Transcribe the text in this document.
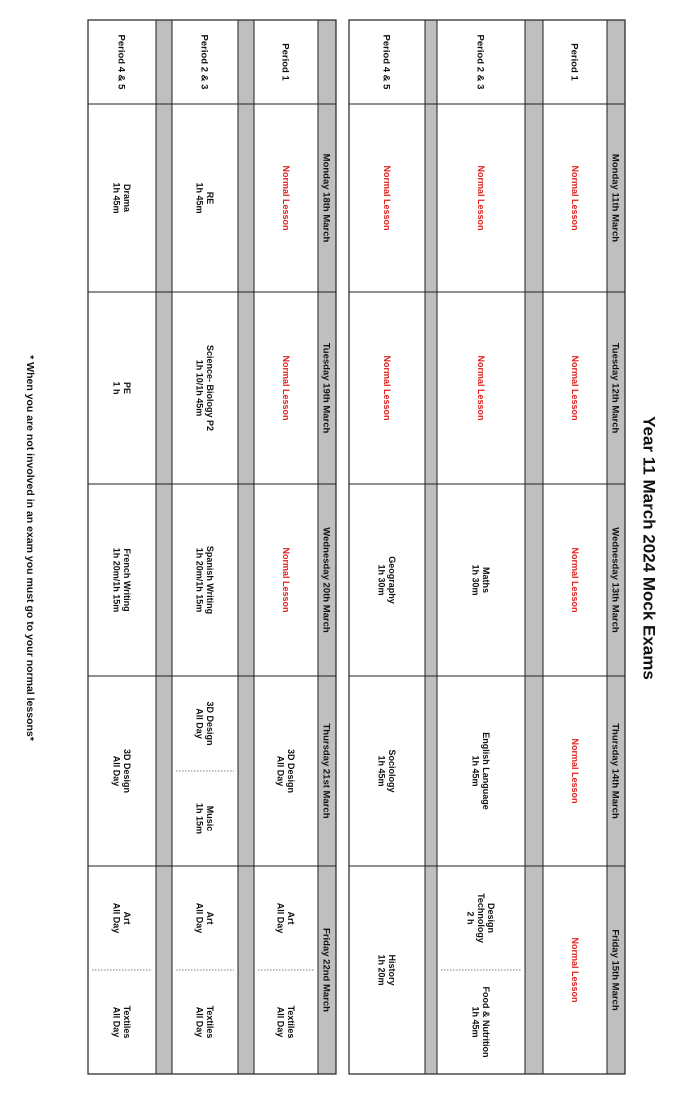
Year 11 March 2024 Mock Exams
* When you are not involved in an exam you must go to your normal lessons*
Monday 11th March
Tuesday 12th March
Wednesday 13th March
Thursday 14th March
Friday 15th March
Period 1
Normal Lesson
Normal Lesson
Normal Lesson
Normal Lesson
Normal Lesson
Period 2 & 3
Normal Lesson
Normal Lesson
Maths1h 30m
English Language1h 45m
DesignTechnology2 h
Food & Nutrition1h 45m
Period 4 & 5
Normal Lesson
Normal Lesson
Geography1h 30m
Sociology1h 45m
History1h 20m
Monday 18th March
Tuesday 19th March
Wednesday 20th March
Thursday 21st March
Friday 22nd March
Period 1
Normal Lesson
Normal Lesson
Normal Lesson
3D DesignAll Day
ArtAll Day
TextilesAll Day
Period 2 & 3
RE1h 45m
Science- Biology P21h 10/1h 45m
Spanish Writing1h 20m/1h 15m
3D DesignAll Day
Music1h 15m
ArtAll Day
TextilesAll Day
Period 4 & 5
Drama1h 45m
PE1 h
French Writing1h 20m/1h 15m
3D DesignAll Day
ArtAll Day
TextilesAll Day
